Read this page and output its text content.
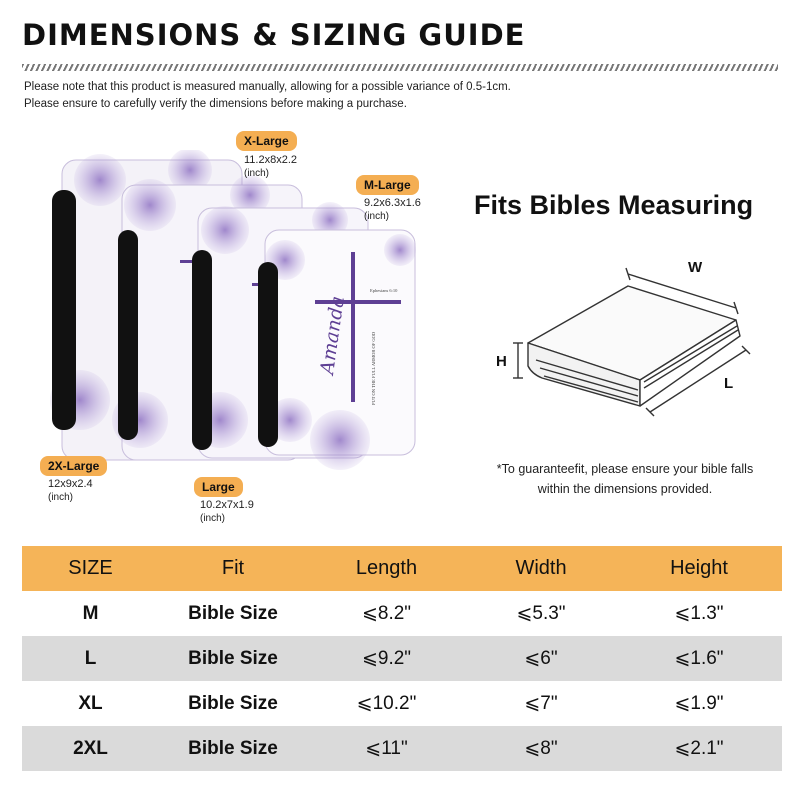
DIMENSIONS & SIZING GUIDE
Please note that this product is measured manually, allowing for a possible variance of 0.5-1cm.
Please ensure to carefully verify the dimensions before making a purchase.
Amanda
Ephesians 6:10
PUT ON THE FULL ARMOR OF GOD
X-Large
11.2x8x2.2
(inch)
M-Large
9.2x6.3x1.6
(inch)
2X-Large
12x9x2.4
(inch)
Large
10.2x7x1.9
(inch)
Fits Bibles Measuring
W
H
L
*To guaranteefit, please ensure your bible falls
within the dimensions provided.
SIZE	Fit	Length	Width	Height
M	Bible Size	⩽8.2"	⩽5.3"	⩽1.3"
L	Bible Size	⩽9.2"	⩽6"	⩽1.6"
XL	Bible Size	⩽10.2"	⩽7"	⩽1.9"
2XL	Bible Size	⩽11"	⩽8"	⩽2.1"
